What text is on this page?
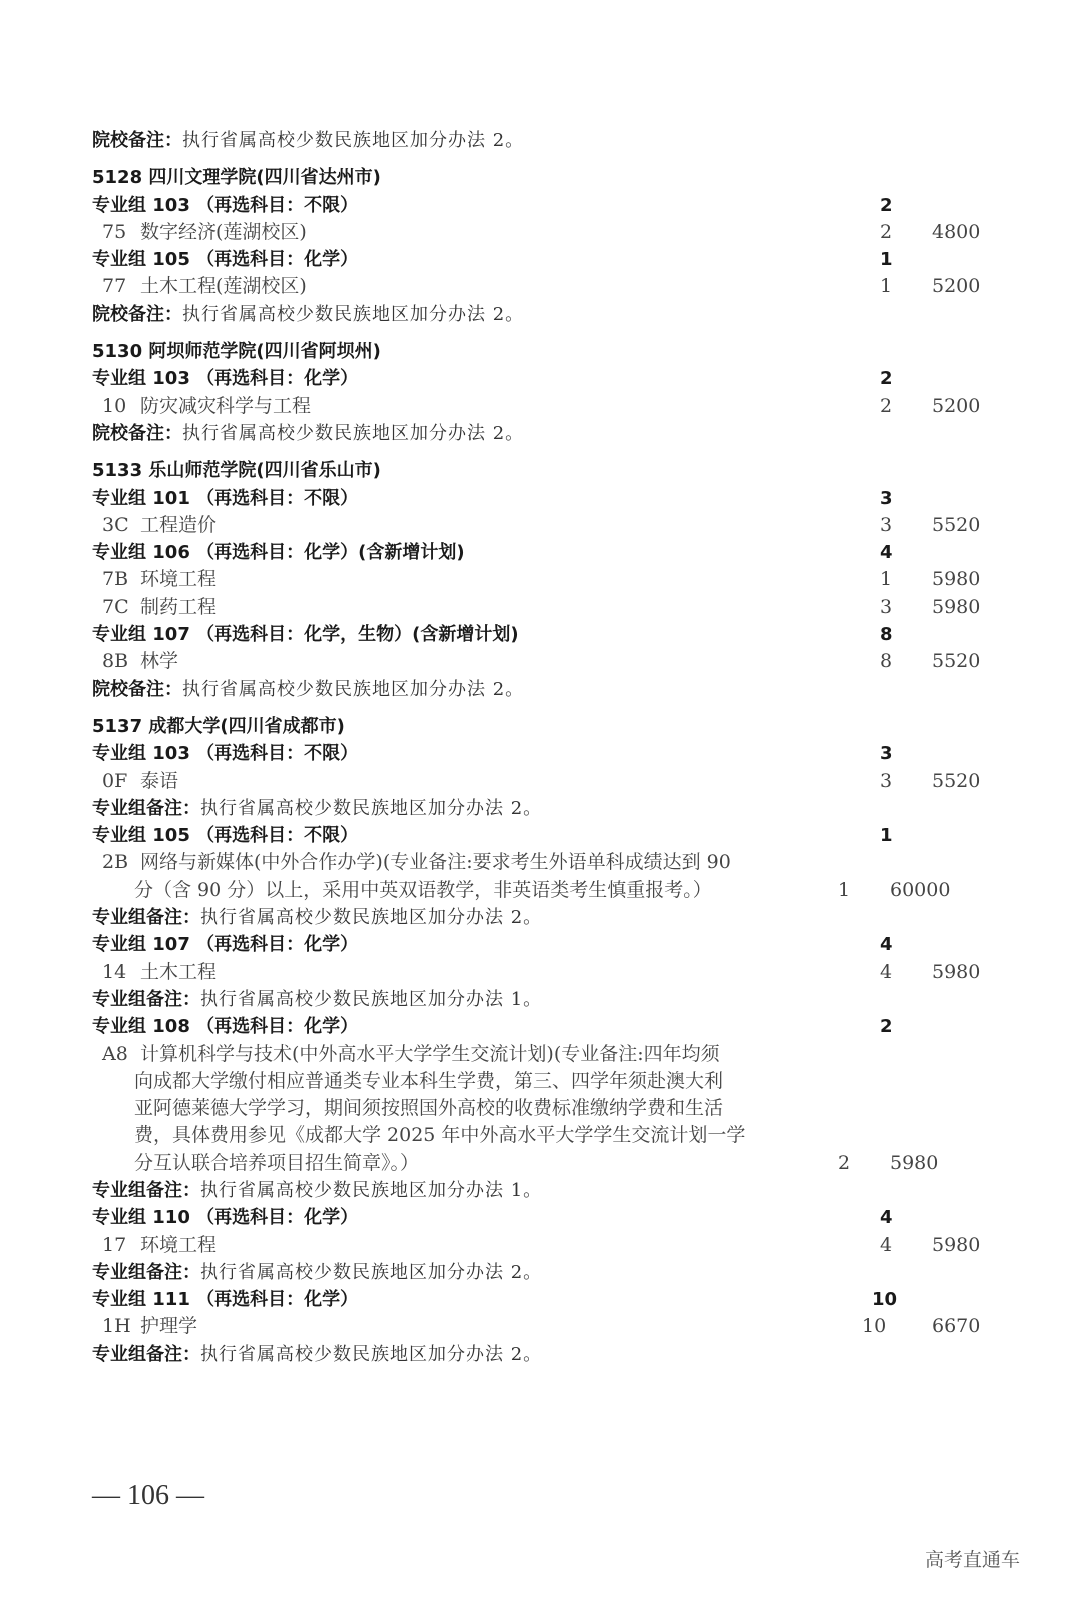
院校备注：执行省属高校少数民族地区加分办法 2。
5128 四川文理学院(四川省达州市)
专业组 103 （再选科目：不限）	2
75 数字经济(莲湖校区)	2	4800
专业组 105 （再选科目：化学）	1
77 土木工程(莲湖校区)	1	5200
院校备注：执行省属高校少数民族地区加分办法 2。
5130 阿坝师范学院(四川省阿坝州)
专业组 103 （再选科目：化学）	2
10 防灾减灾科学与工程	2	5200
院校备注：执行省属高校少数民族地区加分办法 2。
5133 乐山师范学院(四川省乐山市)
专业组 101 （再选科目：不限）	3
3C 工程造价	3	5520
专业组 106 （再选科目：化学）(含新增计划)	4
7B 环境工程	1	5980
7C 制药工程	3	5980
专业组 107 （再选科目：化学，生物）(含新增计划)	8
8B 林学	8	5520
院校备注：执行省属高校少数民族地区加分办法 2。
5137 成都大学(四川省成都市)
专业组 103 （再选科目：不限）	3
0F 泰语	3	5520
专业组备注：执行省属高校少数民族地区加分办法 2。
专业组 105 （再选科目：不限）	1
2B 网络与新媒体(中外合作办学)(专业备注:要求考生外语单科成绩达到 90
分（含 90 分）以上，采用中英双语教学，非英语类考生慎重报考。）	1	60000
专业组备注：执行省属高校少数民族地区加分办法 2。
专业组 107 （再选科目：化学）	4
14 土木工程	4	5980
专业组备注：执行省属高校少数民族地区加分办法 1。
专业组 108 （再选科目：化学）	2
A8 计算机科学与技术(中外高水平大学学生交流计划)(专业备注:四年均须
向成都大学缴付相应普通类专业本科生学费，第三、四学年须赴澳大利
亚阿德莱德大学学习，期间须按照国外高校的收费标准缴纳学费和生活
费，具体费用参见《成都大学 2025 年中外高水平大学学生交流计划一学
分互认联合培养项目招生简章》。）	2	5980
专业组备注：执行省属高校少数民族地区加分办法 1。
专业组 110 （再选科目：化学）	4
17 环境工程	4	5980
专业组备注：执行省属高校少数民族地区加分办法 2。
专业组 111 （再选科目：化学）	10
1H 护理学	10	6670
专业组备注：执行省属高校少数民族地区加分办法 2。
— 106 —
高考直通车
